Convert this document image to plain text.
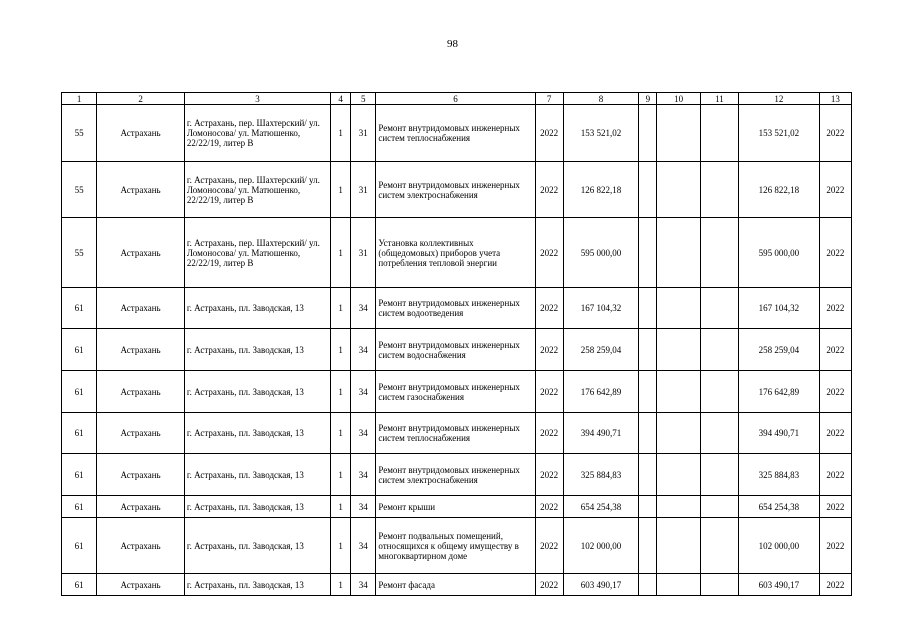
98
1	2	3	4	5	6	7	8	9	10	11	12	13
55	Астрахань	г. Астрахань, пер. Шахтерский/ ул. Ломоносова/ ул. Матюшенко, 22/22/19, литер В	1	31	Ремонт внутридомовых инженерных систем теплоснабжения	2022	153 521,02				153 521,02	2022
55	Астрахань	г. Астрахань, пер. Шахтерский/ ул. Ломоносова/ ул. Матюшенко, 22/22/19, литер В	1	31	Ремонт внутридомовых инженерных систем электроснабжения	2022	126 822,18				126 822,18	2022
55	Астрахань	г. Астрахань, пер. Шахтерский/ ул. Ломоносова/ ул. Матюшенко, 22/22/19, литер В	1	31	Установка коллективных (общедомовых) приборов учета потребления тепловой энергии	2022	595 000,00				595 000,00	2022
61	Астрахань	г. Астрахань, пл. Заводская, 13	1	34	Ремонт внутридомовых инженерных систем водоотведения	2022	167 104,32				167 104,32	2022
61	Астрахань	г. Астрахань, пл. Заводская, 13	1	34	Ремонт внутридомовых инженерных систем водоснабжения	2022	258 259,04				258 259,04	2022
61	Астрахань	г. Астрахань, пл. Заводская, 13	1	34	Ремонт внутридомовых инженерных систем газоснабжения	2022	176 642,89				176 642,89	2022
61	Астрахань	г. Астрахань, пл. Заводская, 13	1	34	Ремонт внутридомовых инженерных систем теплоснабжения	2022	394 490,71				394 490,71	2022
61	Астрахань	г. Астрахань, пл. Заводская, 13	1	34	Ремонт внутридомовых инженерных систем электроснабжения	2022	325 884,83				325 884,83	2022
61	Астрахань	г. Астрахань, пл. Заводская, 13	1	34	Ремонт крыши	2022	654 254,38				654 254,38	2022
61	Астрахань	г. Астрахань, пл. Заводская, 13	1	34	Ремонт подвальных помещений, относящихся к общему имуществу в многоквартирном доме	2022	102 000,00				102 000,00	2022
61	Астрахань	г. Астрахань, пл. Заводская, 13	1	34	Ремонт фасада	2022	603 490,17				603 490,17	2022
